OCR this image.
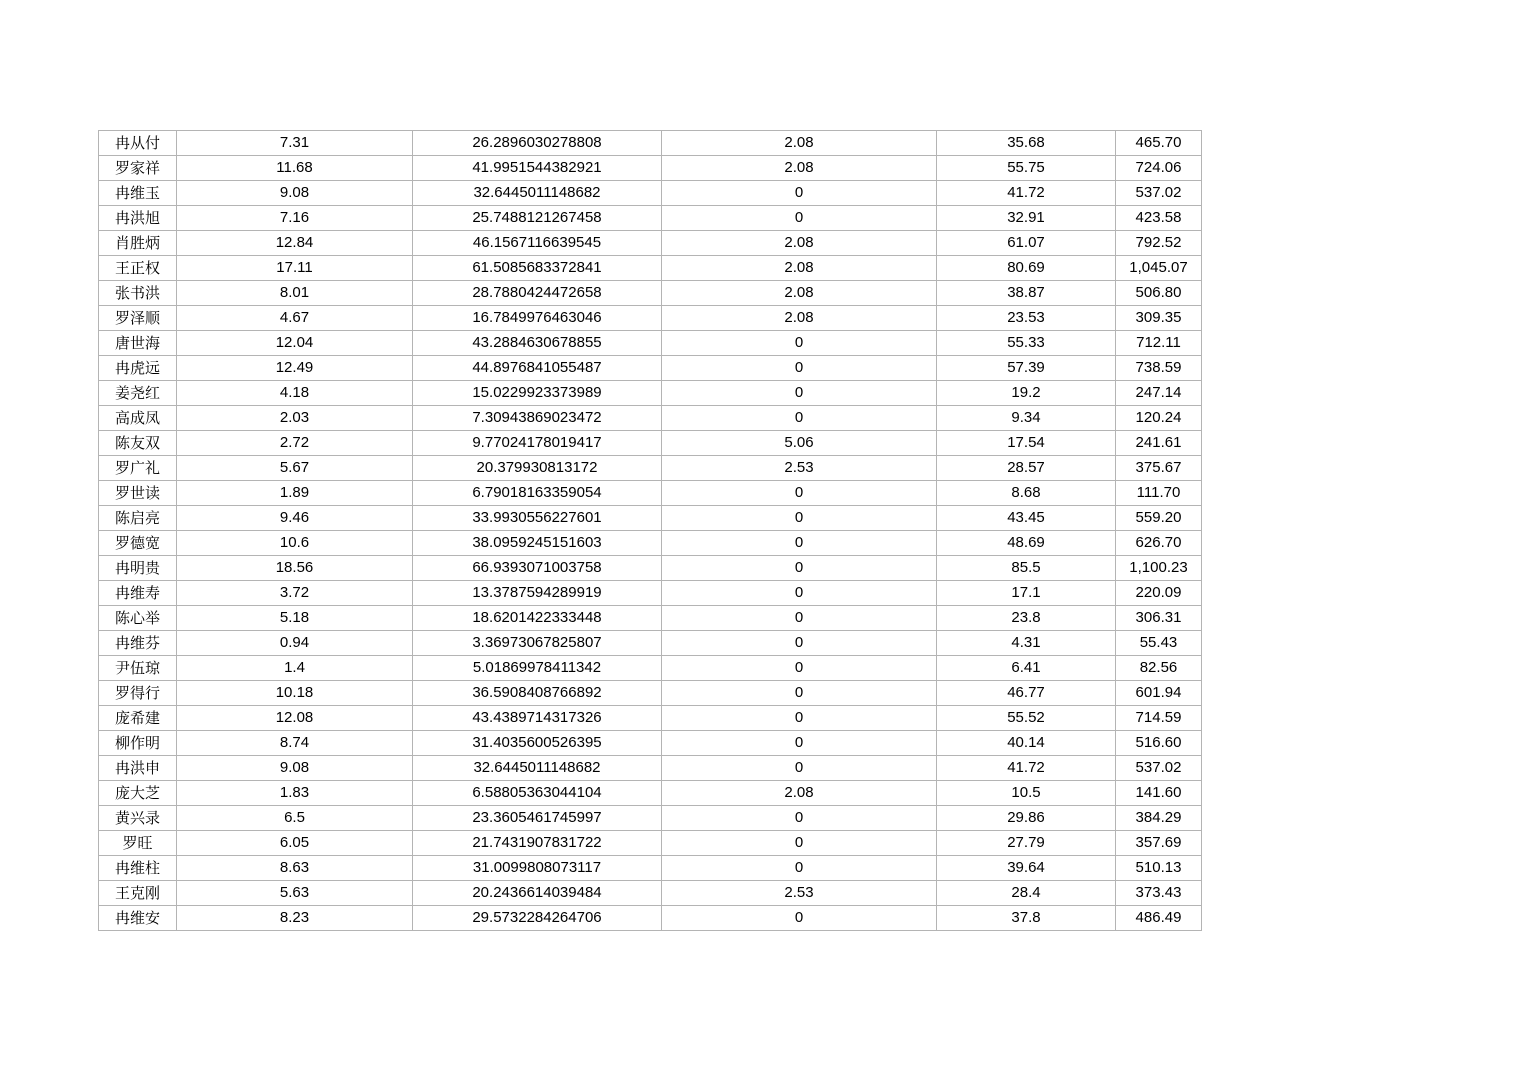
冉从付	7.31	26.2896030278808	2.08	35.68	465.70
罗家祥	11.68	41.9951544382921	2.08	55.75	724.06
冉维玉	9.08	32.6445011148682	0	41.72	537.02
冉洪旭	7.16	25.7488121267458	0	32.91	423.58
肖胜炳	12.84	46.1567116639545	2.08	61.07	792.52
王正权	17.11	61.5085683372841	2.08	80.69	1,045.07
张书洪	8.01	28.7880424472658	2.08	38.87	506.80
罗泽顺	4.67	16.7849976463046	2.08	23.53	309.35
唐世海	12.04	43.2884630678855	0	55.33	712.11
冉虎远	12.49	44.8976841055487	0	57.39	738.59
姜尧红	4.18	15.0229923373989	0	19.2	247.14
高成凤	2.03	7.30943869023472	0	9.34	120.24
陈友双	2.72	9.77024178019417	5.06	17.54	241.61
罗广礼	5.67	20.379930813172	2.53	28.57	375.67
罗世读	1.89	6.79018163359054	0	8.68	111.70
陈启亮	9.46	33.9930556227601	0	43.45	559.20
罗德宽	10.6	38.0959245151603	0	48.69	626.70
冉明贵	18.56	66.9393071003758	0	85.5	1,100.23
冉维寿	3.72	13.3787594289919	0	17.1	220.09
陈心举	5.18	18.6201422333448	0	23.8	306.31
冉维芬	0.94	3.36973067825807	0	4.31	55.43
尹伍琼	1.4	5.01869978411342	0	6.41	82.56
罗得行	10.18	36.5908408766892	0	46.77	601.94
庞希建	12.08	43.4389714317326	0	55.52	714.59
柳作明	8.74	31.4035600526395	0	40.14	516.60
冉洪申	9.08	32.6445011148682	0	41.72	537.02
庞大芝	1.83	6.58805363044104	2.08	10.5	141.60
黄兴录	6.5	23.3605461745997	0	29.86	384.29
罗旺	6.05	21.7431907831722	0	27.79	357.69
冉维柱	8.63	31.0099808073117	0	39.64	510.13
王克刚	5.63	20.2436614039484	2.53	28.4	373.43
冉维安	8.23	29.5732284264706	0	37.8	486.49
